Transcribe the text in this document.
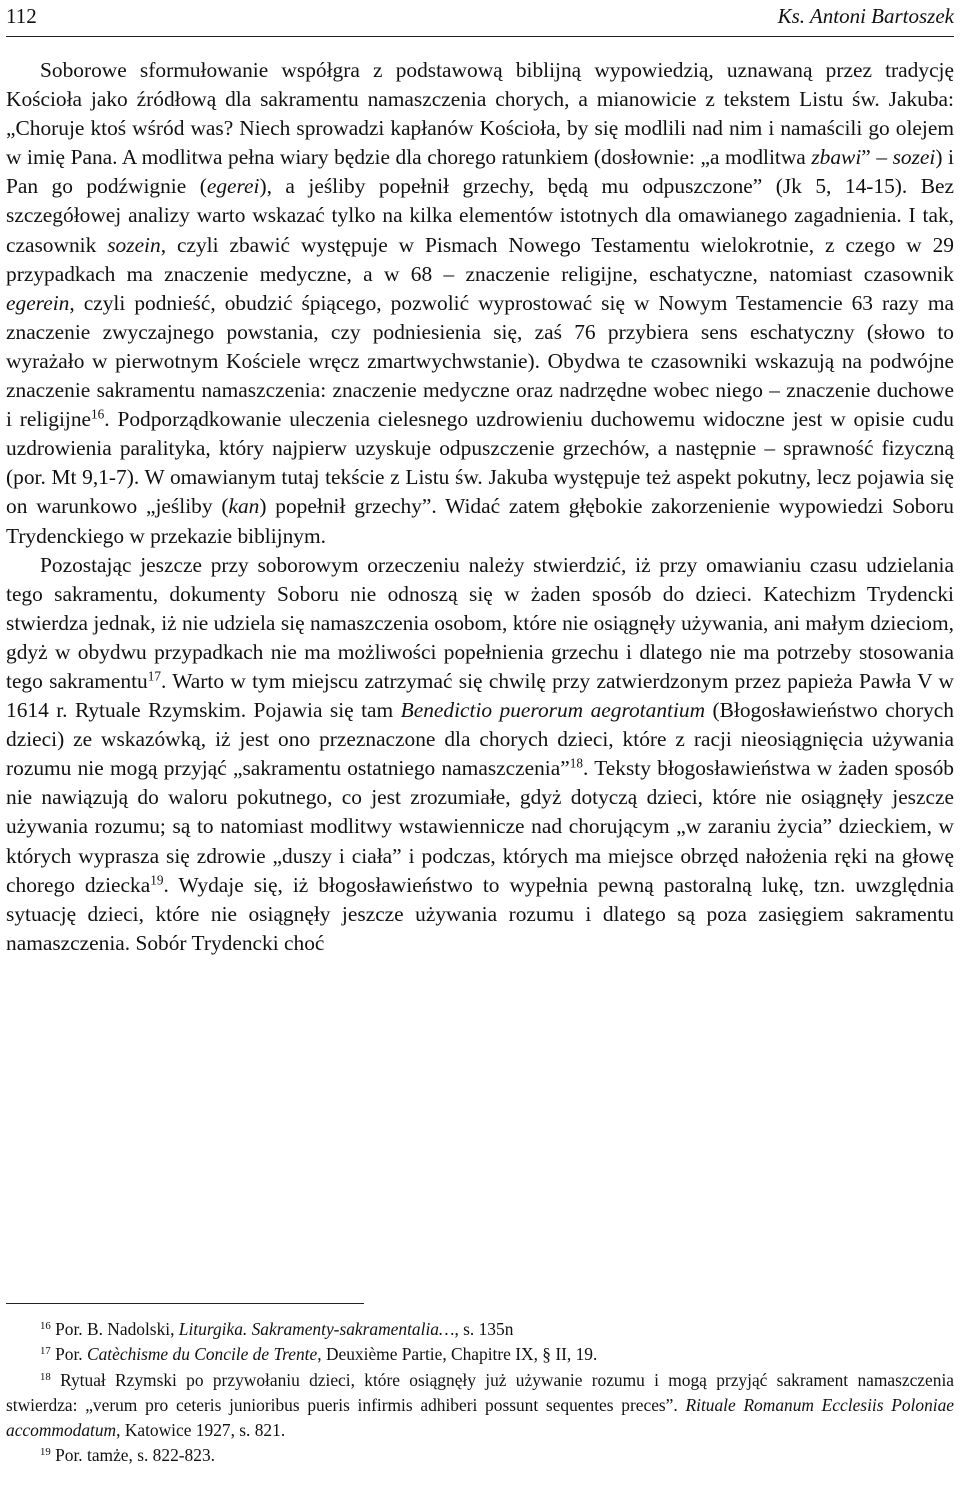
112	Ks. Antoni Bartoszek

Soborowe sformułowanie współgra z podstawową biblijną wypowiedzią, uznawaną przez tradycję Kościoła jako źródłową dla sakramentu namaszczenia chorych, a mianowicie z tekstem Listu św. Jakuba: „Choruje ktoś wśród was? Niech sprowadzi kapłanów Kościoła, by się modlili nad nim i namaścili go olejem w imię Pana. A modlitwa pełna wiary będzie dla chorego ratunkiem (dosłownie: „a modlitwa zbawi” – sozei) i Pan go podźwignie (egerei), a jeśliby popełnił grzechy, będą mu odpuszczone” (Jk 5, 14-15). Bez szczegółowej analizy warto wskazać tylko na kilka elementów istotnych dla omawianego zagadnienia. I tak, czasownik sozein, czyli zbawić występuje w Pismach Nowego Testamentu wielokrotnie, z czego w 29 przypadkach ma znaczenie medyczne, a w 68 – znaczenie religijne, eschatyczne, natomiast czasownik egerein, czyli podnieść, obudzić śpiącego, pozwolić wyprostować się w Nowym Testamencie 63 razy ma znaczenie zwyczajnego powstania, czy podniesienia się, zaś 76 przybiera sens eschatyczny (słowo to wyrażało w pierwotnym Kościele wręcz zmartwychwstanie). Obydwa te czasowniki wskazują na podwójne znaczenie sakramentu namaszczenia: znaczenie medyczne oraz nadrzędne wobec niego – znaczenie duchowe i religijne$^{16}$. Podporządkowanie uleczenia cielesnego uzdrowieniu duchowemu widoczne jest w opisie cudu uzdrowienia paralityka, który najpierw uzyskuje odpuszczenie grzechów, a następnie – sprawność fizyczną (por. Mt 9,1-7). W omawianym tutaj tekście z Listu św. Jakuba występuje też aspekt pokutny, lecz pojawia się on warunkowo „jeśliby (kan) popełnił grzechy”. Widać zatem głębokie zakorzenienie wypowiedzi Soboru Trydenckiego w przekazie biblijnym.

Pozostając jeszcze przy soborowym orzeczeniu należy stwierdzić, iż przy omawianiu czasu udzielania tego sakramentu, dokumenty Soboru nie odnoszą się w żaden sposób do dzieci. Katechizm Trydencki stwierdza jednak, iż nie udziela się namaszczenia osobom, które nie osiągnęły używania, ani małym dzieciom, gdyż w obydwu przypadkach nie ma możliwości popełnienia grzechu i dlatego nie ma potrzeby stosowania tego sakramentu$^{17}$. Warto w tym miejscu zatrzymać się chwilę przy zatwierdzonym przez papieża Pawła V w 1614 r. Rytuale Rzymskim. Pojawia się tam Benedictio puerorum aegrotantium (Błogosławieństwo chorych dzieci) ze wskazówką, iż jest ono przeznaczone dla chorych dzieci, które z racji nieosiągnięcia używania rozumu nie mogą przyjąć „sakramentu ostatniego namaszczenia”$^{18}$. Teksty błogosławieństwa w żaden sposób nie nawiązują do waloru pokutnego, co jest zrozumiałe, gdyż dotyczą dzieci, które nie osiągnęły jeszcze używania rozumu; są to natomiast modlitwy wstawiennicze nad chorującym „w zaraniu życia” dzieckiem, w których wyprasza się zdrowie „duszy i ciała” i podczas, których ma miejsce obrzęd nałożenia ręki na głowę chorego dziecka$^{19}$. Wydaje się, iż błogosławieństwo to wypełnia pewną pastoralną lukę, tzn. uwzględnia sytuację dzieci, które nie osiągnęły jeszcze używania rozumu i dlatego są poza zasięgiem sakramentu namaszczenia. Sobór Trydencki choć

$^{16}$ Por. B. Nadolski, Liturgika. Sakramenty-sakramentalia…, s. 135n

$^{17}$ Por. Catèchisme du Concile de Trente, Deuxième Partie, Chapitre IX, § II, 19.

$^{18}$ Rytuał Rzymski po przywołaniu dzieci, które osiągnęły już używanie rozumu i mogą przyjąć sakrament namaszczenia stwierdza: „verum pro ceteris junioribus pueris infirmis adhiberi possunt sequentes preces”. Rituale Romanum Ecclesiis Poloniae accommodatum, Katowice 1927, s. 821.

$^{19}$ Por. tamże, s. 822-823.
